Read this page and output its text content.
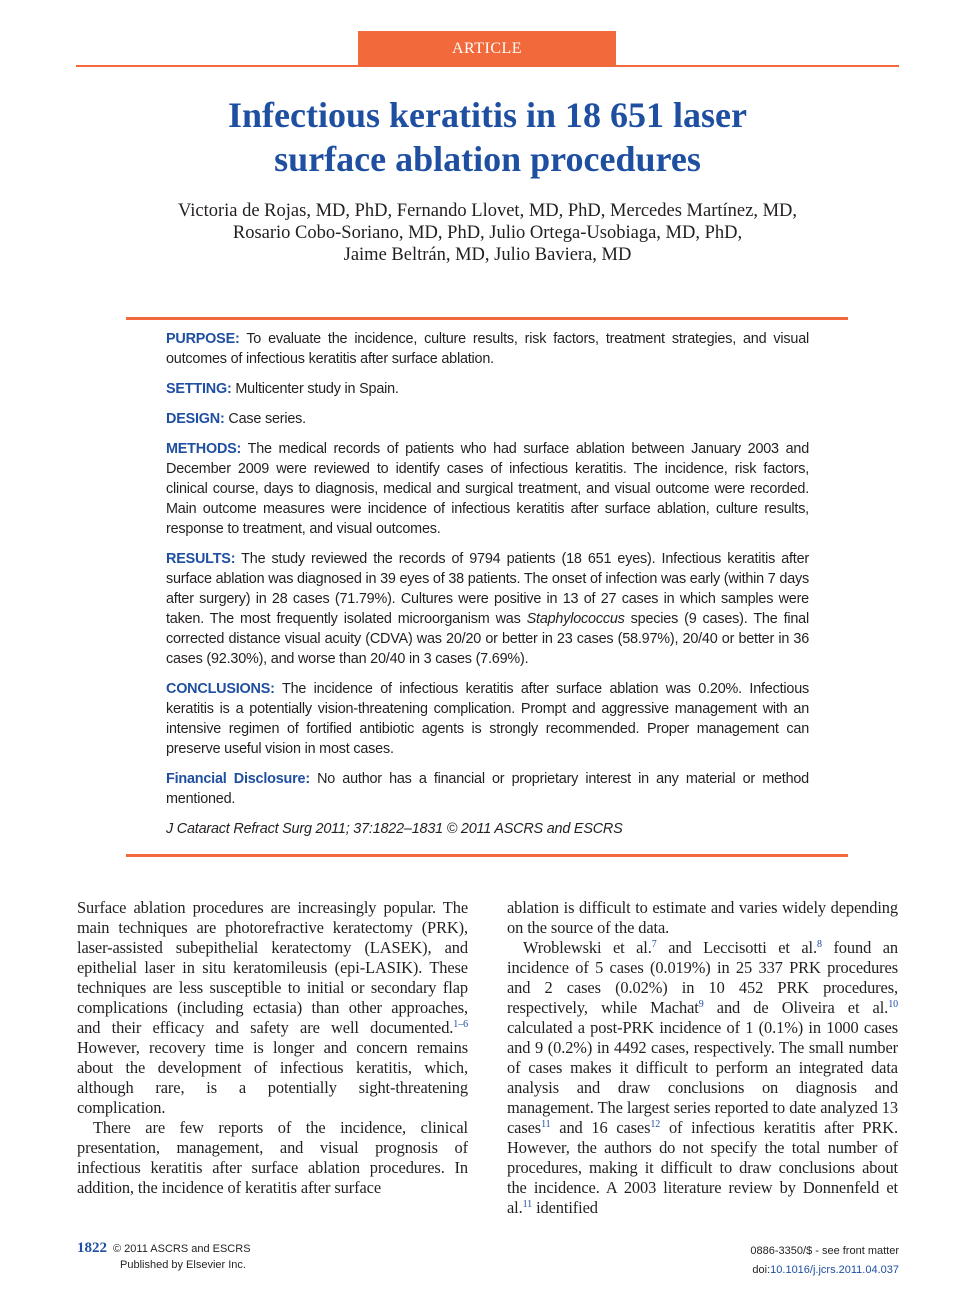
ARTICLE
Infectious keratitis in 18 651 laser
surface ablation procedures

Victoria de Rojas, MD, PhD, Fernando Llovet, MD, PhD, Mercedes Martínez, MD,
Rosario Cobo-Soriano, MD, PhD, Julio Ortega-Usobiaga, MD, PhD,
Jaime Beltrán, MD, Julio Baviera, MD

PURPOSE: To evaluate the incidence, culture results, risk factors, treatment strategies, and visual outcomes of infectious keratitis after surface ablation.

SETTING: Multicenter study in Spain.

DESIGN: Case series.

METHODS: The medical records of patients who had surface ablation between January 2003 and December 2009 were reviewed to identify cases of infectious keratitis. The incidence, risk factors, clinical course, days to diagnosis, medical and surgical treatment, and visual outcome were recorded. Main outcome measures were incidence of infectious keratitis after surface ablation, culture results, response to treatment, and visual outcomes.

RESULTS: The study reviewed the records of 9794 patients (18 651 eyes). Infectious keratitis after surface ablation was diagnosed in 39 eyes of 38 patients. The onset of infection was early (within 7 days after surgery) in 28 cases (71.79%). Cultures were positive in 13 of 27 cases in which samples were taken. The most frequently isolated microorganism was Staphylococcus species (9 cases). The final corrected distance visual acuity (CDVA) was 20/20 or better in 23 cases (58.97%), 20/40 or better in 36 cases (92.30%), and worse than 20/40 in 3 cases (7.69%).

CONCLUSIONS: The incidence of infectious keratitis after surface ablation was 0.20%. Infectious keratitis is a potentially vision-threatening complication. Prompt and aggressive management with an intensive regimen of fortified antibiotic agents is strongly recommended. Proper management can preserve useful vision in most cases.

Financial Disclosure: No author has a financial or proprietary interest in any material or method mentioned.

J Cataract Refract Surg 2011; 37:1822–1831 © 2011 ASCRS and ESCRS

Surface ablation procedures are increasingly popular. The main techniques are photorefractive keratectomy (PRK), laser-assisted subepithelial keratectomy (LASEK), and epithelial laser in situ keratomileusis (epi-LASIK). These techniques are less susceptible to initial or secondary flap complications (including ectasia) than other approaches, and their efficacy and safety are well documented.$^{1-6}$ However, recovery time is longer and concern remains about the development of infectious keratitis, which, although rare, is a potentially sight-threatening complication.

There are few reports of the incidence, clinical presentation, management, and visual prognosis of infectious keratitis after surface ablation procedures. In addition, the incidence of keratitis after surface

ablation is difficult to estimate and varies widely depending on the source of the data.

Wroblewski et al.$^7$ and Leccisotti et al.$^8$ found an incidence of 5 cases (0.019%) in 25 337 PRK procedures and 2 cases (0.02%) in 10 452 PRK procedures, respectively, while Machat$^9$ and de Oliveira et al.$^{10}$ calculated a post-PRK incidence of 1 (0.1%) in 1000 cases and 9 (0.2%) in 4492 cases, respectively. The small number of cases makes it difficult to perform an integrated data analysis and draw conclusions on diagnosis and management. The largest series reported to date analyzed 13 cases$^{11}$ and 16 cases$^{12}$ of infectious keratitis after PRK. However, the authors do not specify the total number of procedures, making it difficult to draw conclusions about the incidence. A 2003 literature review by Donnenfeld et al.$^{11}$ identified

1822 © 2011 ASCRS and ESCRS
Published by Elsevier Inc.
0886-3350/$ - see front matter
doi:10.1016/j.jcrs.2011.04.037
